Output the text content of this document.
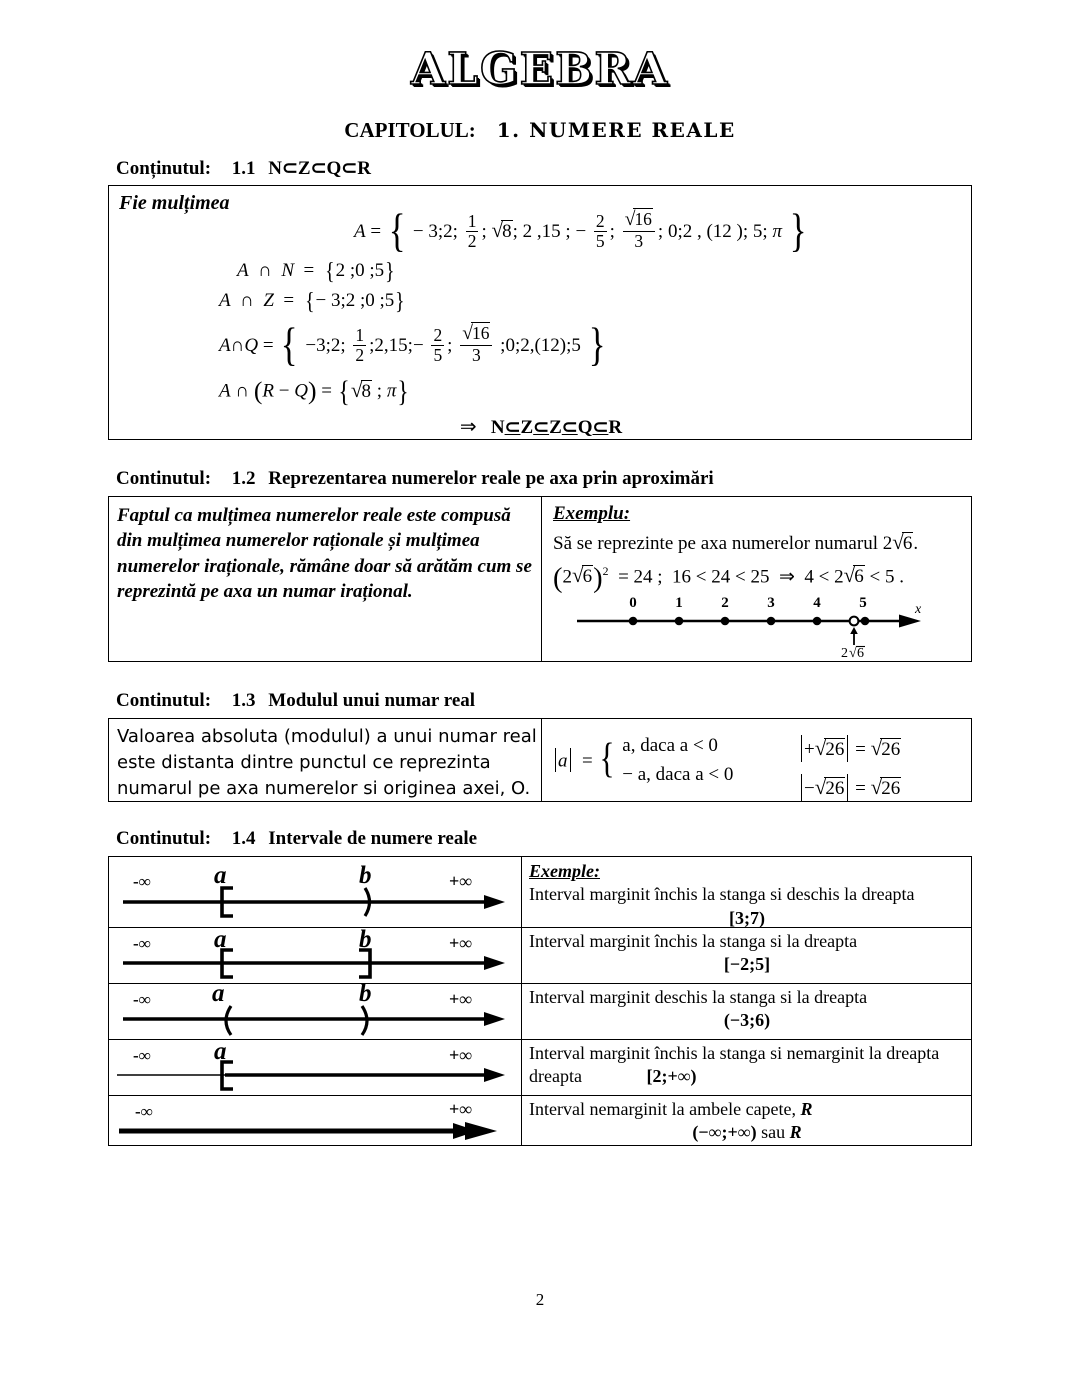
ALGEBRA
CAPITOLUL: 1. NUMERE REALE
Conținutul: 1.1 N⊂Z⊂Q⊂R
Fie mulțimea
A = { − 3;2; $\frac{1}{2}$ ; √8; 2 ,15 ; − $\frac{2}{5}$ ; $\frac{√16}{3}$ ; 0;2 , (12 ); 5; π }
A ∩ N = {2 ;0 ;5}
A ∩ Z = {− 3;2 ;0 ;5}
A∩Q = { −3;2; $\frac{1}{2}$ ;2,15;− $\frac{2}{5}$ ; $\frac{√16}{3}$ ;0;2,(12);5 }
A ∩ (R − Q) = {√8 ; π}
⇒ N⊂Z⊂Z⊂Q⊂R
Continutul: 1.2 Reprezentarea numerelor reale pe axa prin aproximări
Faptul ca mulțimea numerelor reale este compusă din mulțimea numerelor raționale și mulțimea numerelor iraționale, rămâne doar să arătăm cum se reprezintă pe axa un numar irațional.
Exemplu:
Să se reprezinte pe axa numerelor numarul 2√6.
$(2√6)^2 = 24$ ;  16 < 24 < 25  ⇒  4 < 2√6 < 5 .
0	1	2	3	4	5	x
2 √ 6
Continutul: 1.3 Modulul unui numar real
Valoarea absoluta (modulul) a unui numar real este distanta dintre punctul ce reprezinta numarul pe axa numerelor si originea axei, O.
a  = { a, daca a < 0
− a, daca a < 0
+√26 = √26
−√26 = √26
Continutul: 1.4 Intervale de numere reale
-∞	a	b	+∞	Exemple:
Interval marginit închis la stanga si deschis la dreapta
[3;7)
-∞	a	b	+∞	Interval marginit închis la stanga si la dreapta
[−2;5]
-∞ a	b	+∞	Interval marginit deschis la stanga si la dreapta
(−3;6)
-∞	a	+∞	Interval marginit închis la stanga si nemarginit la dreapta
dreapta	[2;+∞)
-∞	+∞	Interval nemarginit la ambele capete, R
(−∞;+∞) sau R
2
